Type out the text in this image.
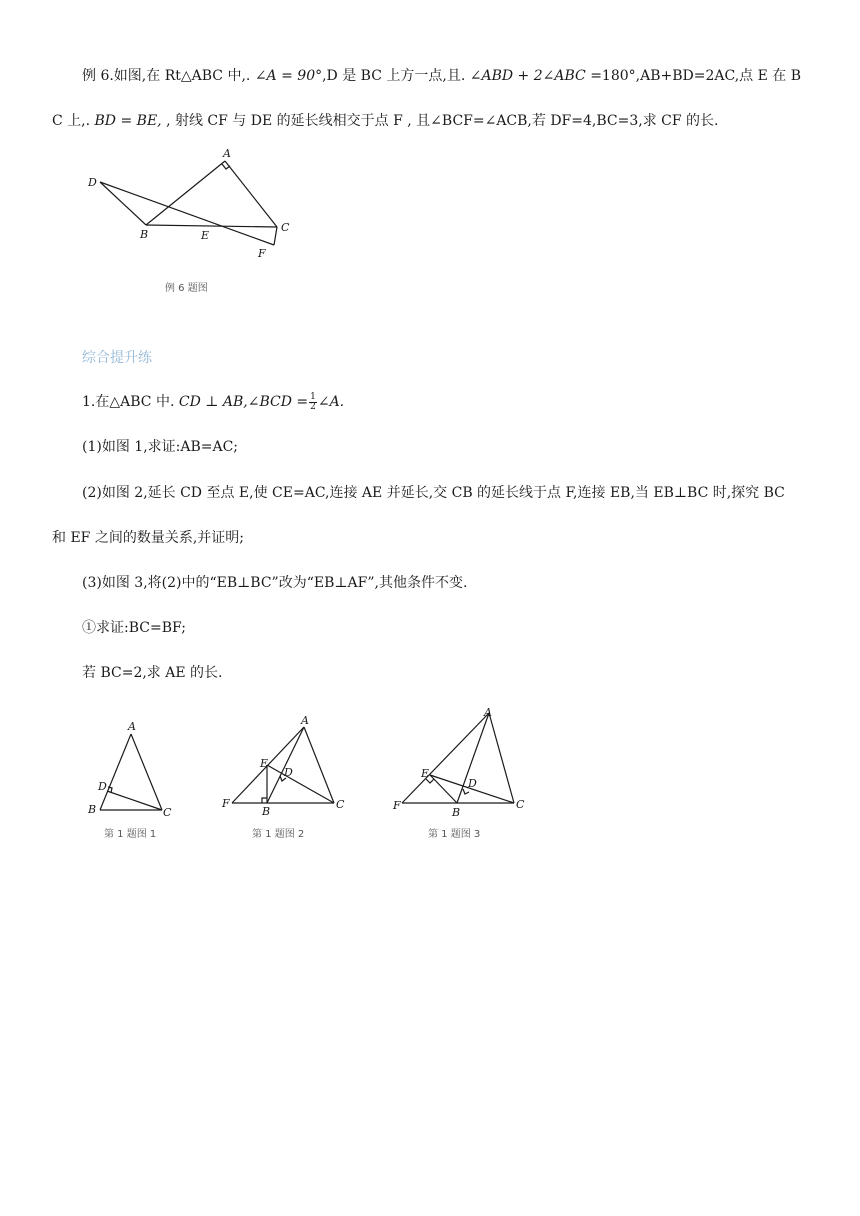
例 6.如图,在 Rt△ABC 中,. ∠A = 90°,D 是 BC 上方一点,且. ∠ABD + 2∠ABC =180°,AB+BD=2AC,点 E 在 B
C 上,. BD = BE, , 射线 CF 与 DE 的延长线相交于点 F , 且∠BCF=∠ACB,若 DF=4,BC=3,求 CF 的长.
A
D
B	E
C
F
例 6 题图
综合提升练
1.在△ABC 中. CD ⊥ AB,∠BCD = $\frac{1}{2}$ ∠A.
(1)如图 1,求证:AB=AC;
(2)如图 2,延长 CD 至点 E,使 CE=AC,连接 AE 并延长,交 CB 的延长线于点 F,连接 EB,当 EB⊥BC 时,探究 BC
和 EF 之间的数量关系,并证明;
(3)如图 3,将(2)中的“EB⊥BC”改为“EB⊥AF”,其他条件不变.
①求证:BC=BF;
若 BC=2,求 AE 的长.
A
D
B	C
第 1 题图 1
A
E
D
F
B
C
第 1 题图 2
A
E
D
F
B
C
第 1 题图 3
